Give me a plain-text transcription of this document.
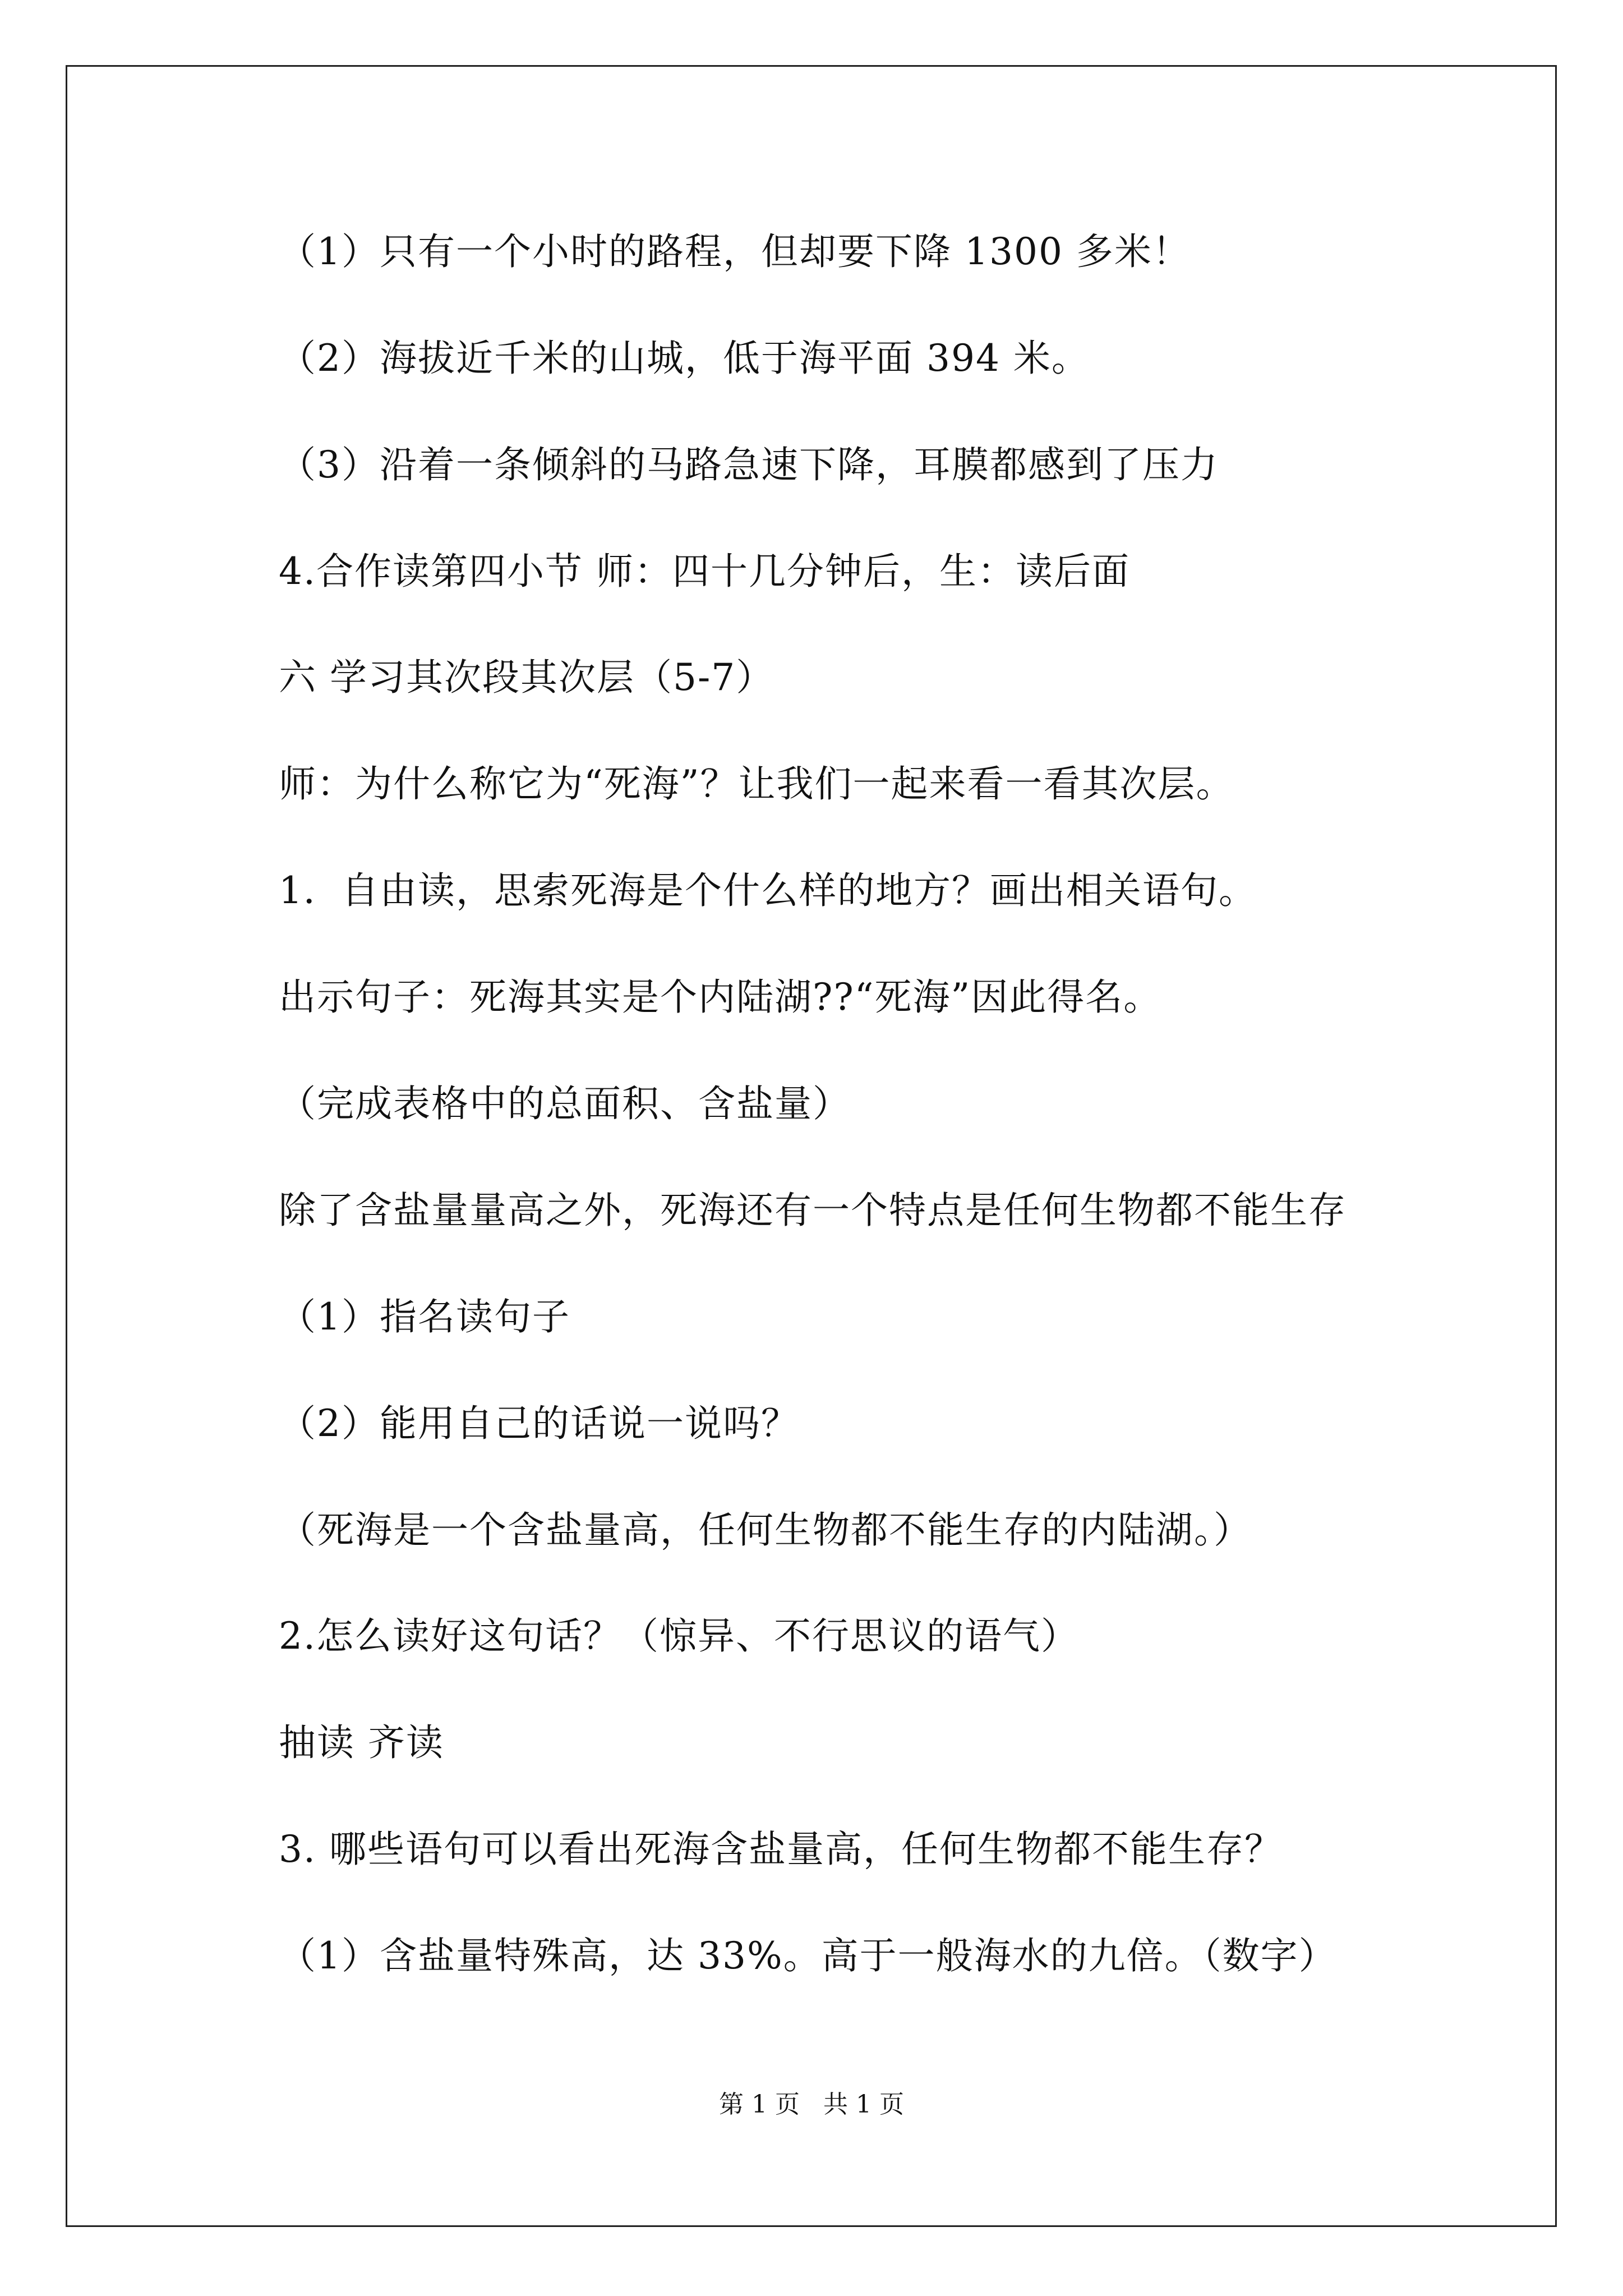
（1）只有一个小时的路程，但却要下降 1300 多米！
（2）海拔近千米的山城，低于海平面 394 米。
（3）沿着一条倾斜的马路急速下降，耳膜都感到了压力
4.合作读第四小节 师：四十几分钟后，生：读后面
六 学习其次段其次层（5-7）
师：为什么称它为“死海”？让我们一起来看一看其次层。
1．自由读，思索死海是个什么样的地方？画出相关语句。
出示句子：死海其实是个内陆湖??“死海”因此得名。
（完成表格中的总面积、含盐量）
除了含盐量量高之外，死海还有一个特点是任何生物都不能生存
（1）指名读句子
（2）能用自己的话说一说吗？
（死海是一个含盐量高，任何生物都不能生存的内陆湖。）
2.怎么读好这句话？（惊异、不行思议的语气）
抽读 齐读
3. 哪些语句可以看出死海含盐量高，任何生物都不能生存？
（1）含盐量特殊高，达 33%。高于一般海水的九倍。（数字）
第 1 页   共 1 页
